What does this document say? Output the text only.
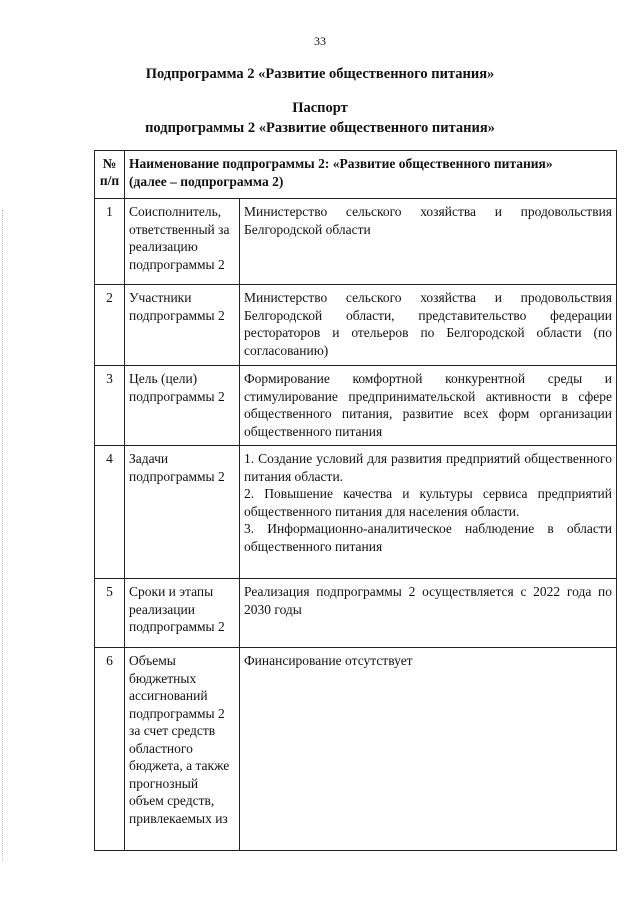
33
Подпрограмма 2 «Развитие общественного питания»
Паспорт
подпрограммы 2 «Развитие общественного питания»
№
п/п	Наименование подпрограммы 2: «Развитие общественного питания»
(далее – подпрограмма 2)	

1	Соисполнитель, ответственный за реализацию подпрограммы 2	Министерство сельского хозяйства и продовольствия Белгородской области
2	Участники подпрограммы 2	Министерство сельского хозяйства и продовольствия Белгородской области, представительство федерации рестораторов и отельеров по Белгородской области (по согласованию)
3	Цель (цели) подпрограммы 2	Формирование комфортной конкурентной среды и стимулирование предпринимательской активности в сфере общественного питания, развитие всех форм организации общественного питания
4	Задачи подпрограммы 2	1. Создание условий для развития предприятий общественного питания области.
2. Повышение качества и культуры сервиса предприятий общественного питания для населения области.
3. Информационно-аналитическое наблюдение в области общественного питания

5	Сроки и этапы реализации подпрограммы 2	Реализация подпрограммы 2 осуществляется с 2022 года по 2030 годы
6	Объемы бюджетных ассигнований подпрограммы 2 за счет средств областного бюджета, а также прогнозный объем средств, привлекаемых из	Финансирование отсутствует
